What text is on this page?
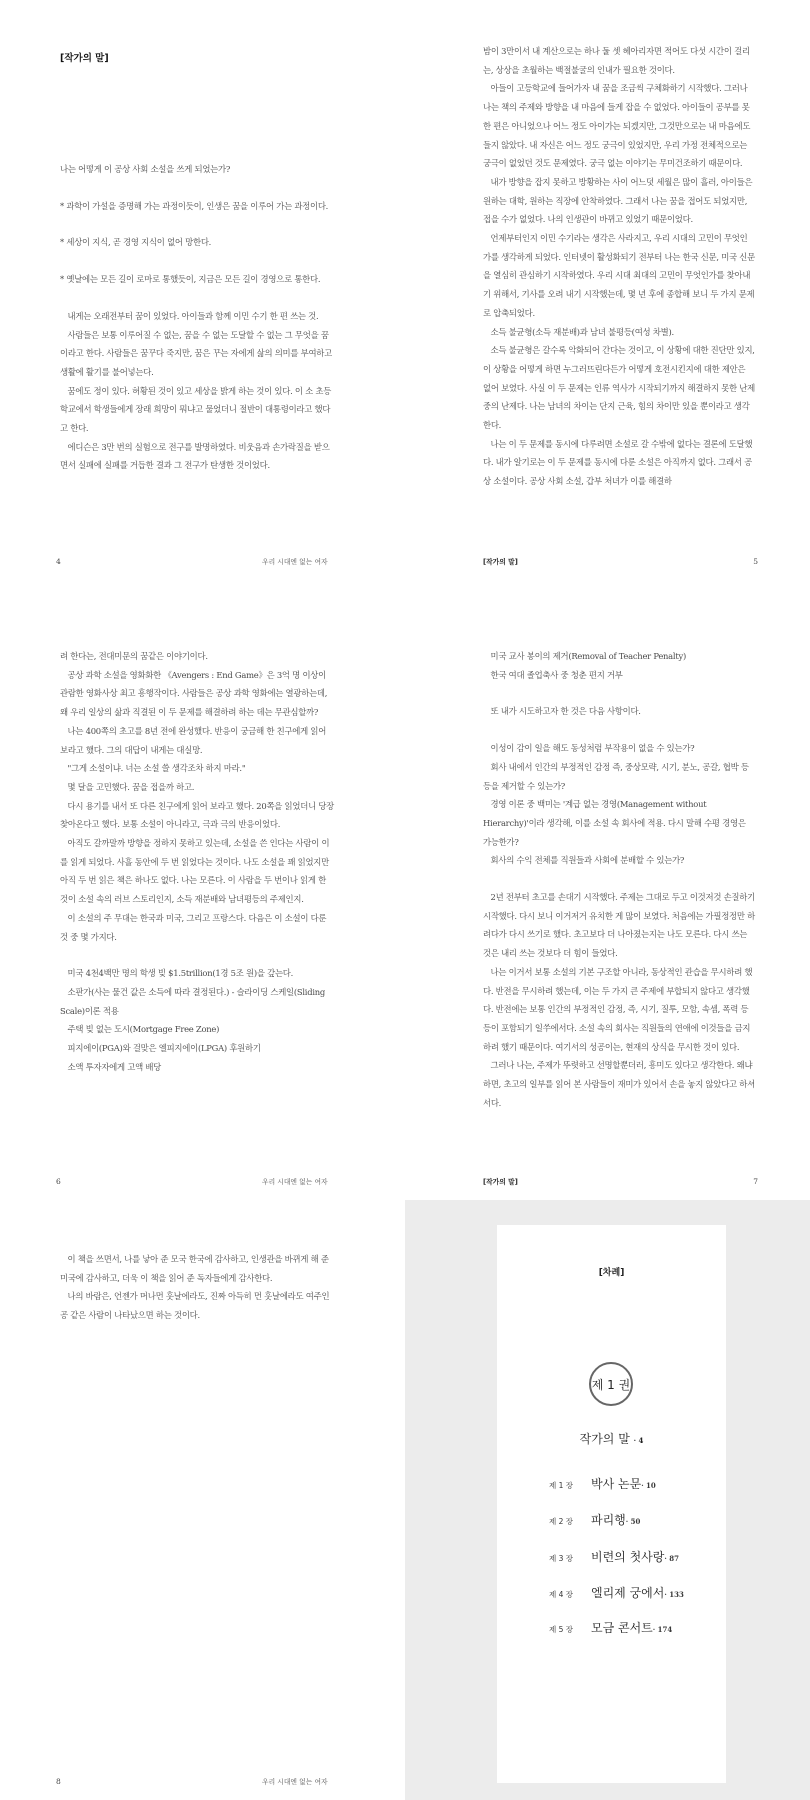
[작가의 말]

나는 어떻게 이 공상 사회 소설을 쓰게 되었는가?

* 과학이 가설을 증명해 가는 과정이듯이, 인생은 꿈을 이루어 가는 과정이다.

* 세상이 지식, 곧 경영 지식이 없어 망한다.

* 옛날에는 모든 길이 로마로 통했듯이, 지금은 모든 길이 경영으로 통한다.

내게는 오래전부터 꿈이 있었다. 아이들과 함께 이민 수기 한 편 쓰는 것.

사람들은 보통 이루어질 수 없는, 꿈을 수 없는 도달할 수 없는 그 무엇을 꿈이라고 한다. 사람들은 꿈꾸다 죽지만, 꿈은 꾸는 자에게 삶의 의미를 부여하고 생활에 활기를 불어넣는다.

꿈에도 정이 있다. 허황된 것이 있고 세상을 밝게 하는 것이 있다. 이 소 초등학교에서 학생들에게 장래 희망이 뭐냐고 물었더니 절반이 대통령이라고 했다고 한다.

에디슨은 3만 번의 실험으로 전구를 발명하였다. 비웃음과 손가락질을 받으면서 실패에 실패를 거듭한 결과 그 전구가 탄생한 것이었다.

4	우리 시대엔 없는 여자

밤이 3만이서 내 계산으로는 하나 둘 셋 헤아리자면 적어도 다섯 시간이 걸리는, 상상을 초월하는 백절불굴의 인내가 필요한 것이다.

아들이 고등학교에 들어가자 내 꿈을 조금씩 구체화하기 시작했다. 그러나 나는 책의 주제와 방향을 내 마음에 들게 잡을 수 없었다. 아이들이 공부를 못한 편은 아니었으나 어느 정도 아이가는 되겠지만, 그것만으로는 내 마음에도 들지 않았다. 내 자신은 어느 정도 궁극이 있었지만, 우리 가정 전체적으로는 궁극이 없었던 것도 문제였다. 궁극 없는 이야기는 무미건조하기 때문이다.

내가 방향을 잡지 못하고 방황하는 사이 어느덧 세월은 많이 흘러, 아이들은 원하는 대학, 원하는 직장에 안착하였다. 그래서 나는 꿈을 접어도 되었지만, 접을 수가 없었다. 나의 인생관이 바뀌고 있었기 때문이었다.

언제부터인지 이민 수기라는 생각은 사라지고, 우리 시대의 고민이 무엇인가를 생각하게 되었다. 인터넷이 활성화되기 전부터 나는 한국 신문, 미국 신문을 열심히 관심하기 시작하였다. 우리 시대 최대의 고민이 무엇인가를 찾아내기 위해서, 기사를 오려 내기 시작했는데, 몇 년 후에 종합해 보니 두 가지 문제로 압축되었다.

소득 불균형(소득 재분배)과 남녀 불평등(여성 차별).

소득 불균형은 갈수록 악화되어 간다는 것이고, 이 상황에 대한 진단만 있지, 이 상황을 어떻게 하면 누그러뜨린다든가 어떻게 호전시킨지에 대한 제안은 없어 보였다. 사실 이 두 문제는 인류 역사가 시작되기까지 해결하지 못한 난제 중의 난제다. 나는 남녀의 차이는 단지 근육, 힘의 차이만 있을 뿐이라고 생각한다.

나는 이 두 문제를 동시에 다루려면 소설로 갈 수밖에 없다는 결론에 도달했다. 내가 알기로는 이 두 문제를 동시에 다룬 소설은 아직까지 없다. 그래서 공상 소설이다. 공상 사회 소설, 갑부 처녀가 이를 해결하

[작가의 말]	5

려 한다는, 전대미문의 꿈같은 이야기이다.

공상 과학 소설을 영화화한 《Avengers : End Game》은 3억 명 이상이 관람한 영화사상 최고 흥행작이다. 사람들은 공상 과학 영화에는 열광하는데, 왜 우리 일상의 삶과 직결된 이 두 문제를 해결하려 하는 데는 무관심할까?

나는 400쪽의 초고를 8년 전에 완성했다. 반응이 궁금해 한 친구에게 읽어 보라고 했다. 그의 대답이 내게는 대실망.

"그게 소설이냐. 너는 소설 쓸 생각조차 하지 마라."

몇 달을 고민했다. 꿈을 접을까 하고.

다시 용기를 내서 또 다른 친구에게 읽어 보라고 했다. 20쪽을 읽었더니 당장 찾아온다고 했다. 보통 소설이 아니라고, 극과 극의 반응이었다.

아직도 갈까말까 방향을 정하지 못하고 있는데, 소설을 쓴 인다는 사람이 이를 읽게 되었다. 사흘 동안에 두 번 읽었다는 것이다. 나도 소설을 꽤 읽었지만 아직 두 번 읽은 책은 하나도 없다. 나는 모른다. 이 사람을 두 번이나 읽게 한 것이 소설 속의 러브 스토리인지, 소득 재분배와 남녀평등의 주제인지.

이 소설의 주 무대는 한국과 미국, 그리고 프랑스다. 다음은 이 소설이 다룬 것 중 몇 가지다.

미국 4천4백만 명의 학생 빚 $1.5trillion(1경 5조 원)을 갚는다.

소판가(사는 물건 값은 소득에 따라 결정된다.) - 슬라이딩 스케일(Sliding Scale)이론 적용

주택 빚 없는 도시(Mortgage Free Zone)

피지에이(PGA)와 걸맞은 엘피지에이(LPGA) 후원하기

소액 투자자에게 고액 배당

6	우리 시대엔 없는 여자

미국 교사 봉이의 제거(Removal of Teacher Penalty)

한국 여대 졸업축사 중 청춘 편지 거부

또 내가 시도하고자 한 것은 다음 사항이다.

이성이 감이 일을 해도 동성처럼 부작용이 없을 수 있는가?

회사 내에서 인간의 부정적인 감정 즉, 중상모략, 시기, 분노, 공갈, 협박 등등을 제거할 수 있는가?

경영 이론 중 백미는 '계급 없는 경영(Management without Hierarchy)'이라 생각해, 이를 소설 속 회사에 적용. 다시 말해 수평 경영은 가능한가?

회사의 수익 전체를 직원들과 사회에 분배할 수 있는가?

2년 전부터 초고를 손대기 시작했다. 주제는 그대로 두고 이것저것 손질하기 시작했다. 다시 보니 이거저거 유치한 게 많이 보였다. 처음에는 가필정정만 하려다가 다시 쓰기로 했다. 초고보다 더 나아졌는지는 나도 모른다. 다시 쓰는 것은 내리 쓰는 것보다 더 힘이 들었다.

나는 이거서 보통 소설의 기본 구조할 아니라, 동상적인 관습을 무시하려 했다. 반전을 무시하려 했는데, 이는 두 가지 큰 주제에 부합되지 않다고 생각했다. 반전에는 보통 인간의 부정적인 감정, 즉, 시기, 질투, 모함, 속셈, 폭력 등등이 포함되기 일쑤에서다. 소설 속의 회사는 직원들의 연애에 이것들을 금지하려 했기 때문이다. 여기서의 성공이는, 현재의 상식을 무시한 것이 있다.

그러나 나는, 주제가 뚜렷하고 선명할뿐더러, 흥미도 있다고 생각한다. 왜냐하면, 초고의 일부를 읽어 본 사람들이 재미가 있어서 손을 놓지 않았다고 하셔서다.

[작가의 말]	7

이 책을 쓰면서, 나를 낳아 준 모국 한국에 감사하고, 인생관을 바뀌게 해 준 미국에 감사하고, 더욱 이 책을 읽어 준 독자들에게 감사한다.

나의 바람은, 언젠가 머나먼 훗날에라도, 진짜 아득히 먼 훗날에라도 여주인공 같은 사람이 나타났으면 하는 것이다.

8	우리 시대엔 없는 여자
[차례]
제 1 권
작가의 말 · 4
제 1 장	박사 논문 · 10
제 2 장	파리행 · 50
제 3 장	비련의 첫사랑 · 87
제 4 장	엘리제 궁에서 · 133
제 5 장	모금 콘서트 · 174
